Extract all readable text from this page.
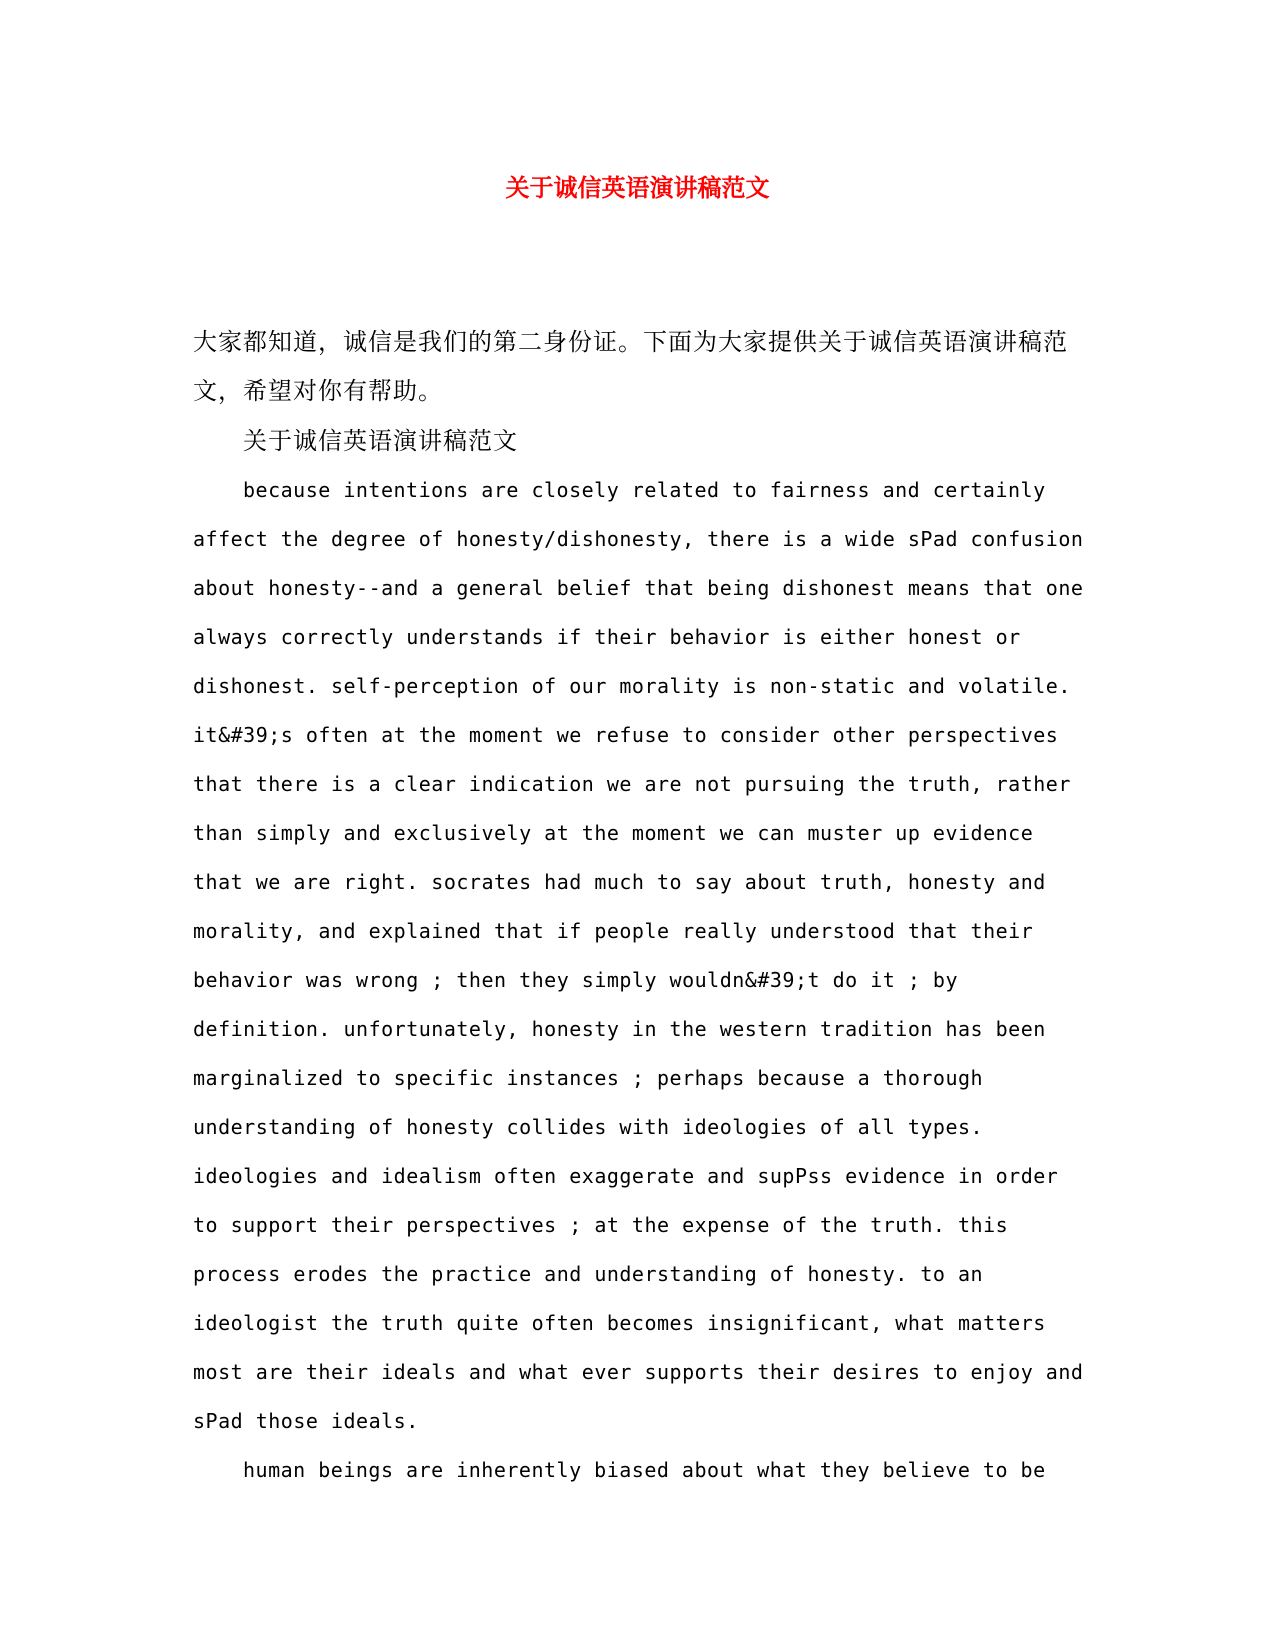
关于诚信英语演讲稿范文
大家都知道，诚信是我们的第二身份证。下面为大家提供关于诚信英语演讲稿范
文，希望对你有帮助。
关于诚信英语演讲稿范文
because intentions are closely related to fairness and certainly
affect the degree of honesty/dishonesty, there is a wide sPad confusion
about honesty--and a general belief that being dishonest means that one
always correctly understands if their behavior is either honest or
dishonest. self-perception of our morality is non-static and volatile.
it&#39;s often at the moment we refuse to consider other perspectives
that there is a clear indication we are not pursuing the truth, rather
than simply and exclusively at the moment we can muster up evidence
that we are right. socrates had much to say about truth, honesty and
morality, and explained that if people really understood that their
behavior was wrong ; then they simply wouldn&#39;t do it ; by
definition. unfortunately, honesty in the western tradition has been
marginalized to specific instances ; perhaps because a thorough
understanding of honesty collides with ideologies of all types.
ideologies and idealism often exaggerate and supPss evidence in order
to support their perspectives ; at the expense of the truth. this
process erodes the practice and understanding of honesty. to an
ideologist the truth quite often becomes insignificant, what matters
most are their ideals and what ever supports their desires to enjoy and
sPad those ideals.
human beings are inherently biased about what they believe to be
